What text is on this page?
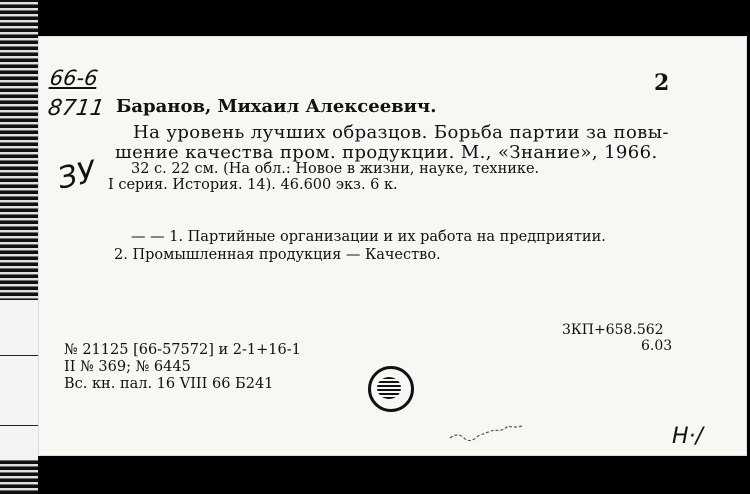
66-6
8711
ЗУ
2
Баранов, Михаил Алексеевич.
На уровень лучших образцов. Борьба партии за повы-
шение качества пром. продукции. М., «Знание», 1966.
32 с. 22 см. (На обл.: Новое в жизни, науке, технике.
I серия. История. 14). 46.600 экз. 6 к.
— — 1. Партийные организации и их работа на предприятии.
2. Промышленная продукция — Качество.
3КП+658.562
6.03
№ 21125 [66-57572] и 2-1+16-1
II № 369; № 6445
Вс. кн. пал. 16 VIII 66 Б241
Н·/
